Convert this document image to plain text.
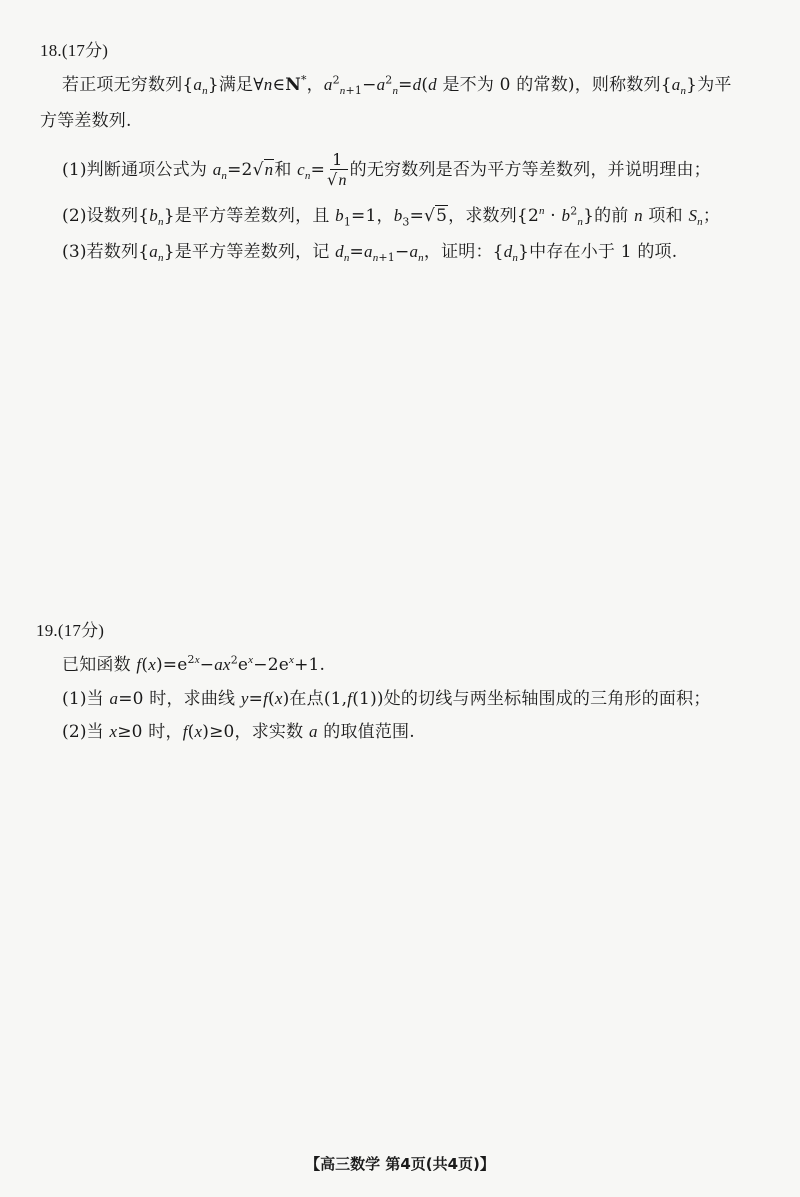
18.(17分)
若正项无穷数列$\{a_n\}$满足∀n∈N*，$a^2_{n+1}-a^2_n=d(d$ 是不为 0 的常数)，则称数列$\{a_n\}$为平
方等差数列.
(1)判断通项公式为 $a_n=2√n$和 $c_n= \frac{1}{√n}$ 的无穷数列是否为平方等差数列，并说明理由；
(2)设数列$\{b_n\}$是平方等差数列，且 $b_1=1$，$b_3=√5$，求数列$\{2^n \cdot b^2_n\}$的前 n 项和 $S_n$；
(3)若数列$\{a_n\}$是平方等差数列，记 $d_n=a_{n+1}-a_n$，证明：$\{d_n\}$中存在小于 1 的项.
19.(17分)
已知函数 $f(x)=e^{2x}-ax^2e^x-2e^x+1$.
(1)当 a=0 时，求曲线 y=f(x)在点(1,f(1))处的切线与两坐标轴围成的三角形的面积；
(2)当 x≥0 时，f(x)≥0，求实数 a 的取值范围.
【高三数学 第4页(共4页)】
